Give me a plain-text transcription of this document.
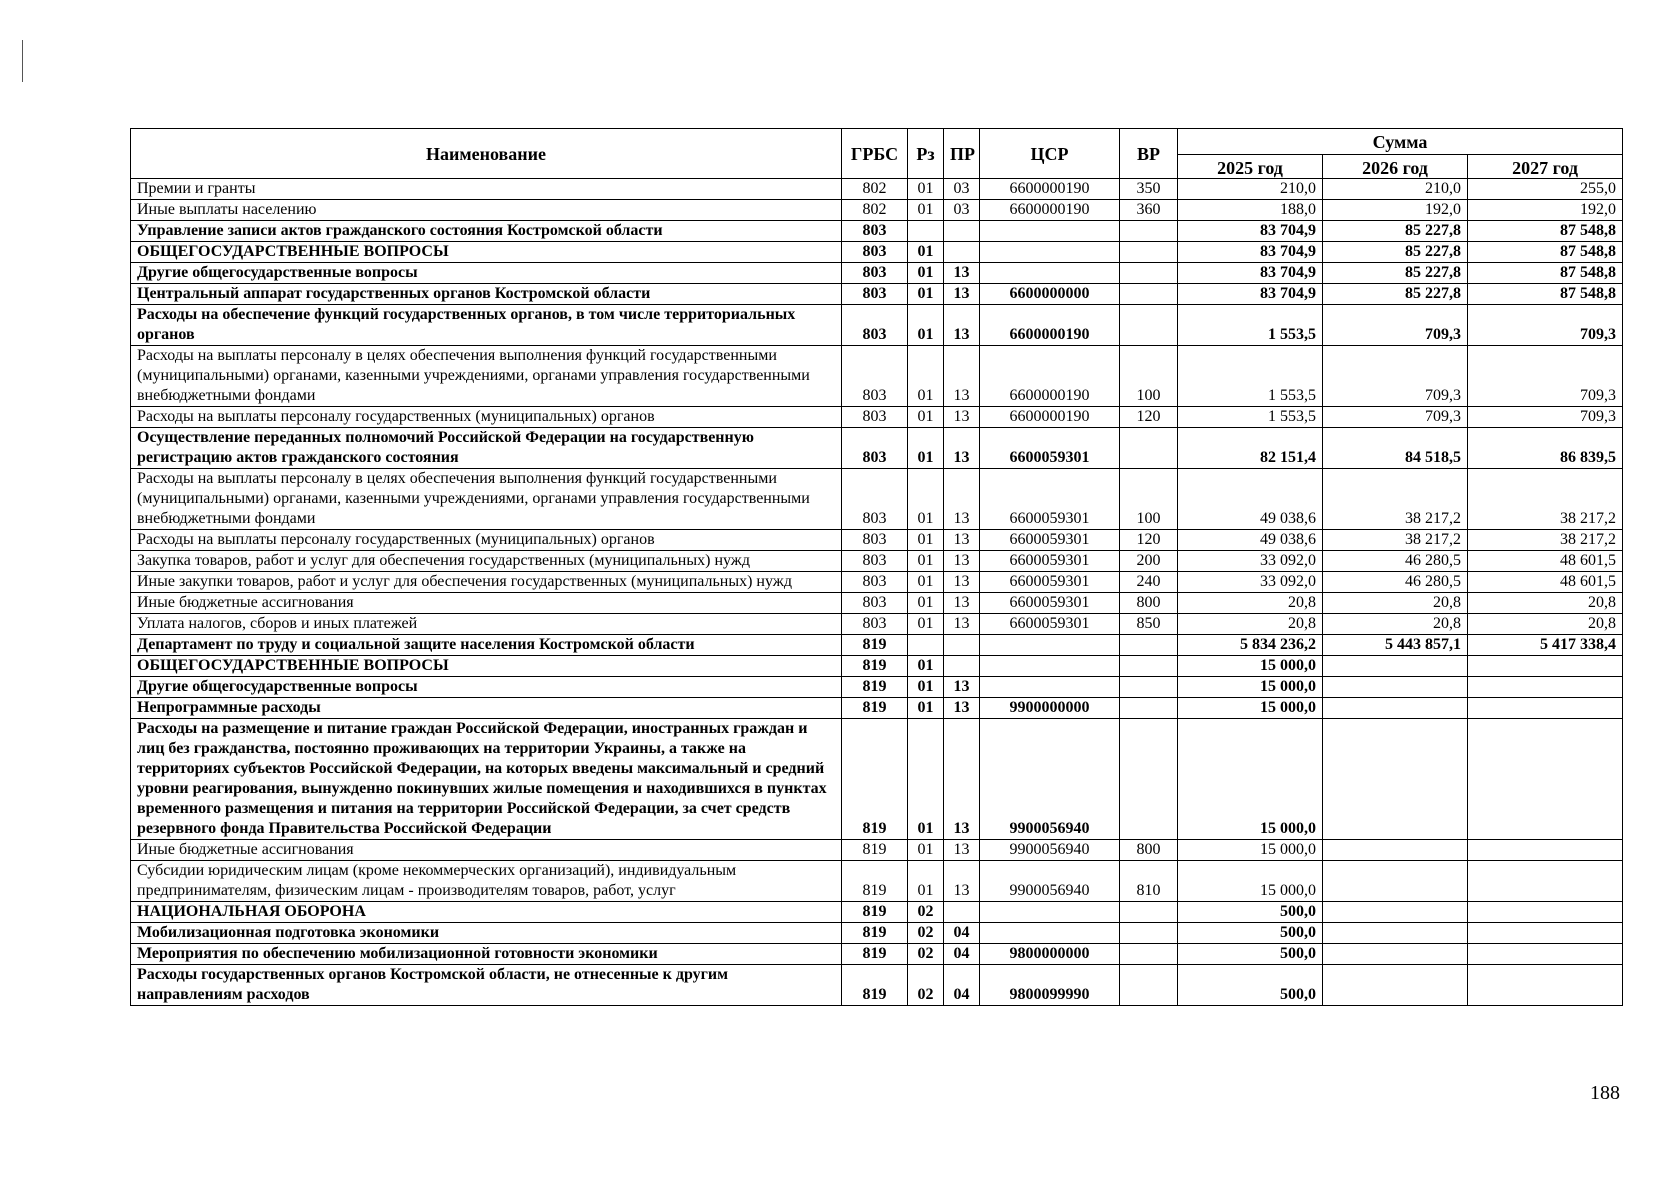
Наименование	ГРБС	Рз	ПР	ЦСР	ВР	Сумма		
						2025 год	2026 год	2027 год
Премии и гранты	802	01	03	6600000190	350	210,0	210,0	255,0
Иные выплаты населению	802	01	03	6600000190	360	188,0	192,0	192,0
Управление записи актов гражданского состояния Костромской области	803					83 704,9	85 227,8	87 548,8
ОБЩЕГОСУДАРСТВЕННЫЕ ВОПРОСЫ	803	01				83 704,9	85 227,8	87 548,8
Другие общегосударственные вопросы	803	01	13			83 704,9	85 227,8	87 548,8
Центральный аппарат государственных органов Костромской области	803	01	13	6600000000		83 704,9	85 227,8	87 548,8
Расходы на обеспечение функций государственных органов, в том числе территориальных органов	803	01	13	6600000190		1 553,5	709,3	709,3
Расходы на выплаты персоналу в целях обеспечения выполнения функций государственными (муниципальными) органами, казенными учреждениями, органами управления государственными внебюджетными фондами	803	01	13	6600000190	100	1 553,5	709,3	709,3
Расходы на выплаты персоналу государственных (муниципальных) органов	803	01	13	6600000190	120	1 553,5	709,3	709,3
Осуществление переданных полномочий Российской Федерации на государственную регистрацию актов гражданского состояния	803	01	13	6600059301		82 151,4	84 518,5	86 839,5
Расходы на выплаты персоналу в целях обеспечения выполнения функций государственными (муниципальными) органами, казенными учреждениями, органами управления государственными внебюджетными фондами	803	01	13	6600059301	100	49 038,6	38 217,2	38 217,2
Расходы на выплаты персоналу государственных (муниципальных) органов	803	01	13	6600059301	120	49 038,6	38 217,2	38 217,2
Закупка товаров, работ и услуг для обеспечения государственных (муниципальных) нужд	803	01	13	6600059301	200	33 092,0	46 280,5	48 601,5
Иные закупки товаров, работ и услуг для обеспечения государственных (муниципальных) нужд	803	01	13	6600059301	240	33 092,0	46 280,5	48 601,5
Иные бюджетные ассигнования	803	01	13	6600059301	800	20,8	20,8	20,8
Уплата налогов, сборов и иных платежей	803	01	13	6600059301	850	20,8	20,8	20,8
Департамент по труду и социальной защите населения Костромской области	819					5 834 236,2	5 443 857,1	5 417 338,4
ОБЩЕГОСУДАРСТВЕННЫЕ ВОПРОСЫ	819	01				15 000,0		
Другие общегосударственные вопросы	819	01	13			15 000,0		
Непрограммные расходы	819	01	13	9900000000		15 000,0		
Расходы на размещение и питание граждан Российской Федерации, иностранных граждан и лиц без гражданства, постоянно проживающих на территории Украины, а также на территориях субъектов Российской Федерации, на которых введены максимальный и средний уровни реагирования, вынужденно покинувших жилые помещения и находившихся в пунктах временного размещения и питания на территории Российской Федерации, за счет средств резервного фонда Правительства Российской Федерации	819	01	13	9900056940		15 000,0		
Иные бюджетные ассигнования	819	01	13	9900056940	800	15 000,0		
Субсидии юридическим лицам (кроме некоммерческих организаций), индивидуальным предпринимателям, физическим лицам - производителям товаров, работ, услуг	819	01	13	9900056940	810	15 000,0		
НАЦИОНАЛЬНАЯ ОБОРОНА	819	02				500,0		
Мобилизационная подготовка экономики	819	02	04			500,0		
Мероприятия по обеспечению мобилизационной готовности экономики	819	02	04	9800000000		500,0		
Расходы государственных органов Костромской области, не отнесенные к другим направлениям расходов	819	02	04	9800099990		500,0		
188
